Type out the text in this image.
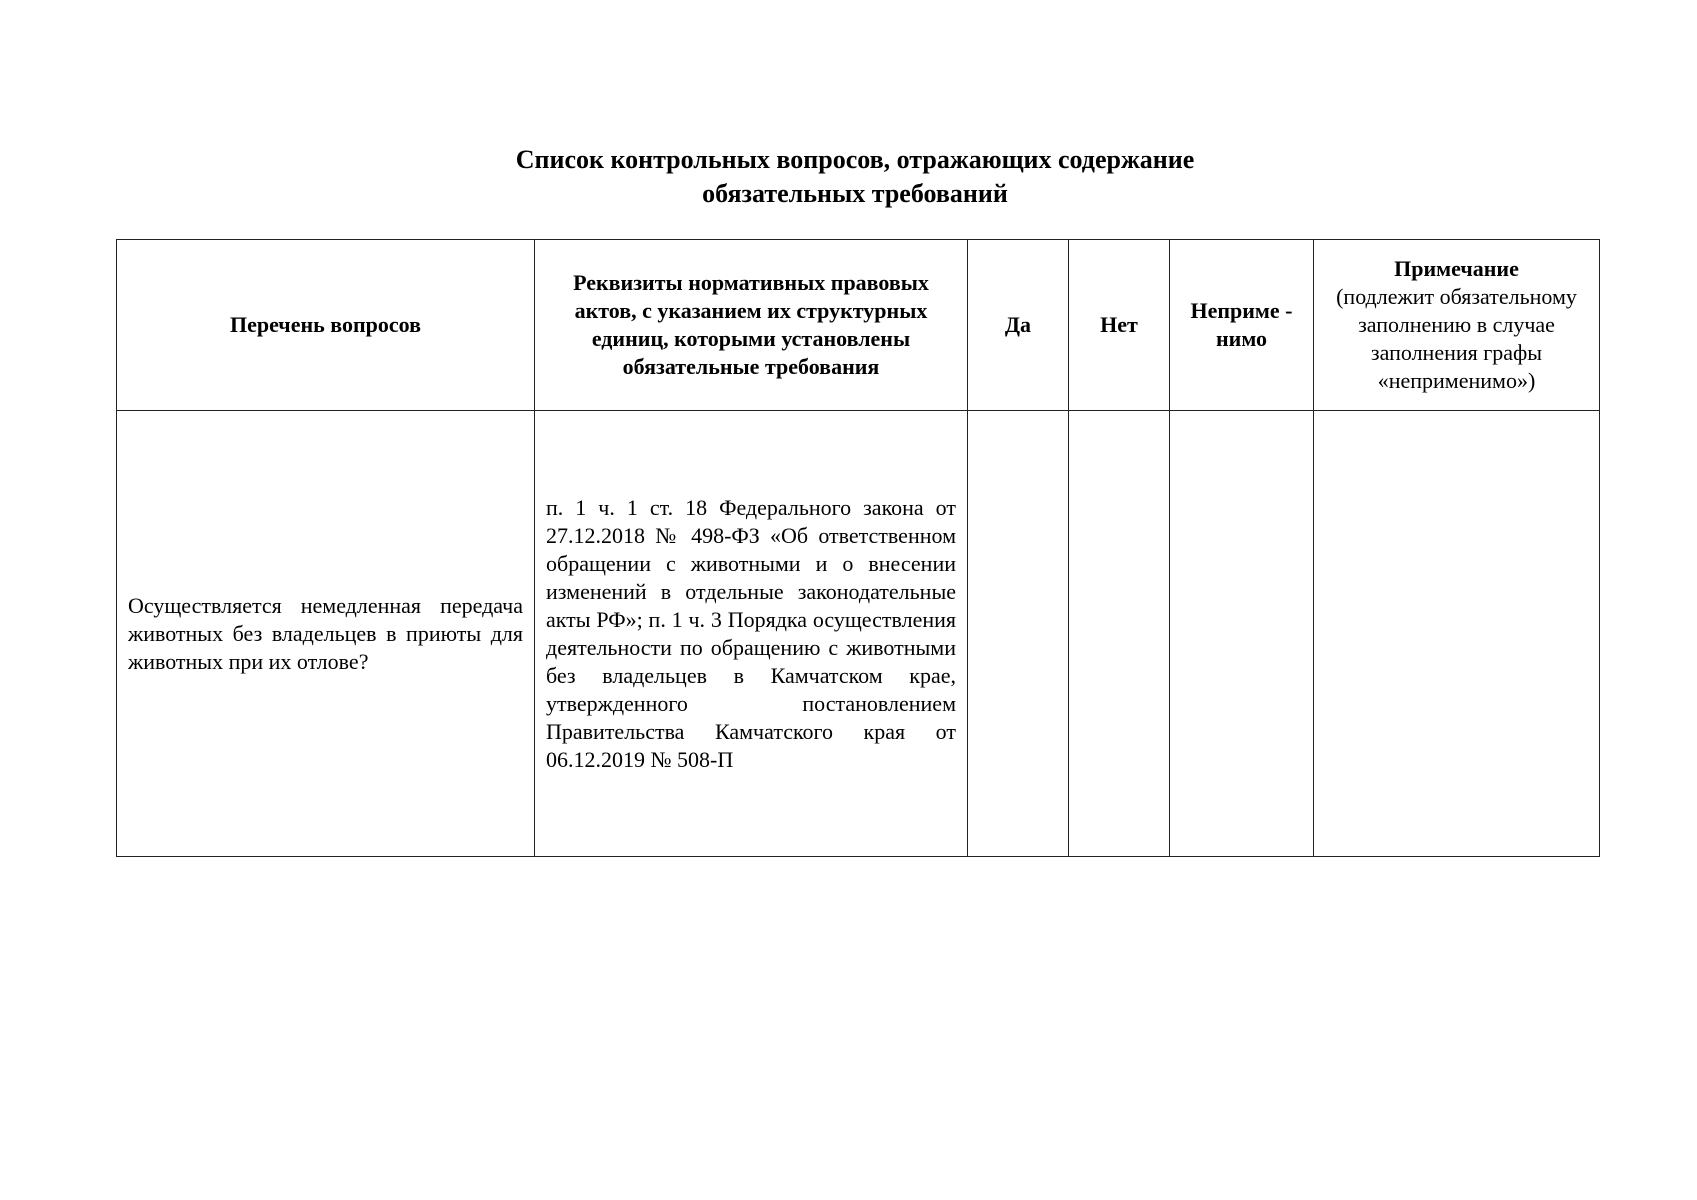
Список контрольных вопросов, отражающих содержание
обязательных требований
Перечень вопросов	Реквизиты нормативных правовых актов, с указанием их структурных единиц, которыми установлены обязательные требования	Да	Нет	Неприме - нимо	Примечание
(подлежит обязательному заполнению в случае заполнения графы «неприменимо»)

Осуществляется немедленная передача животных без владельцев в приюты для животных при их отлове?	п. 1 ч. 1 ст. 18 Федерального закона от 27.12.2018 № 498-ФЗ «Об ответственном обращении с животными и о внесении изменений в отдельные законодательные акты РФ»; п. 1 ч. 3 Порядка осуществления деятельности по обращению с животными без владельцев в Камчатском крае, утвержденного постановлением Правительства Камчатского края от 06.12.2019 № 508-П				
